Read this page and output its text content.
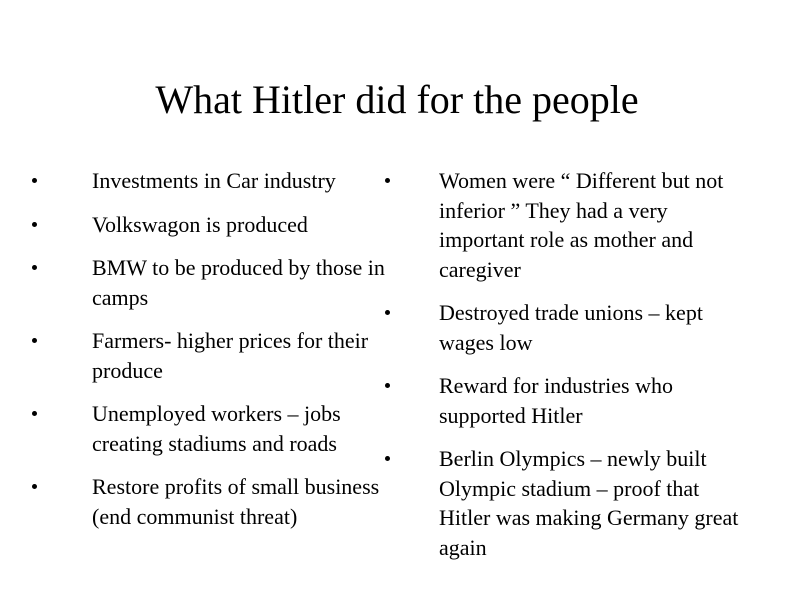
What Hitler did for the people
Investments in Car industry
Volkswagon is produced
BMW to be produced by those in camps
Farmers- higher prices for their produce
Unemployed workers – jobs creating stadiums and roads
Restore profits of small business (end communist threat)
Women were “ Different but not inferior ” They had a very important role as mother and caregiver
Destroyed trade unions – kept wages low
Reward for industries who supported Hitler
Berlin Olympics – newly built Olympic stadium – proof that Hitler was making Germany great again
